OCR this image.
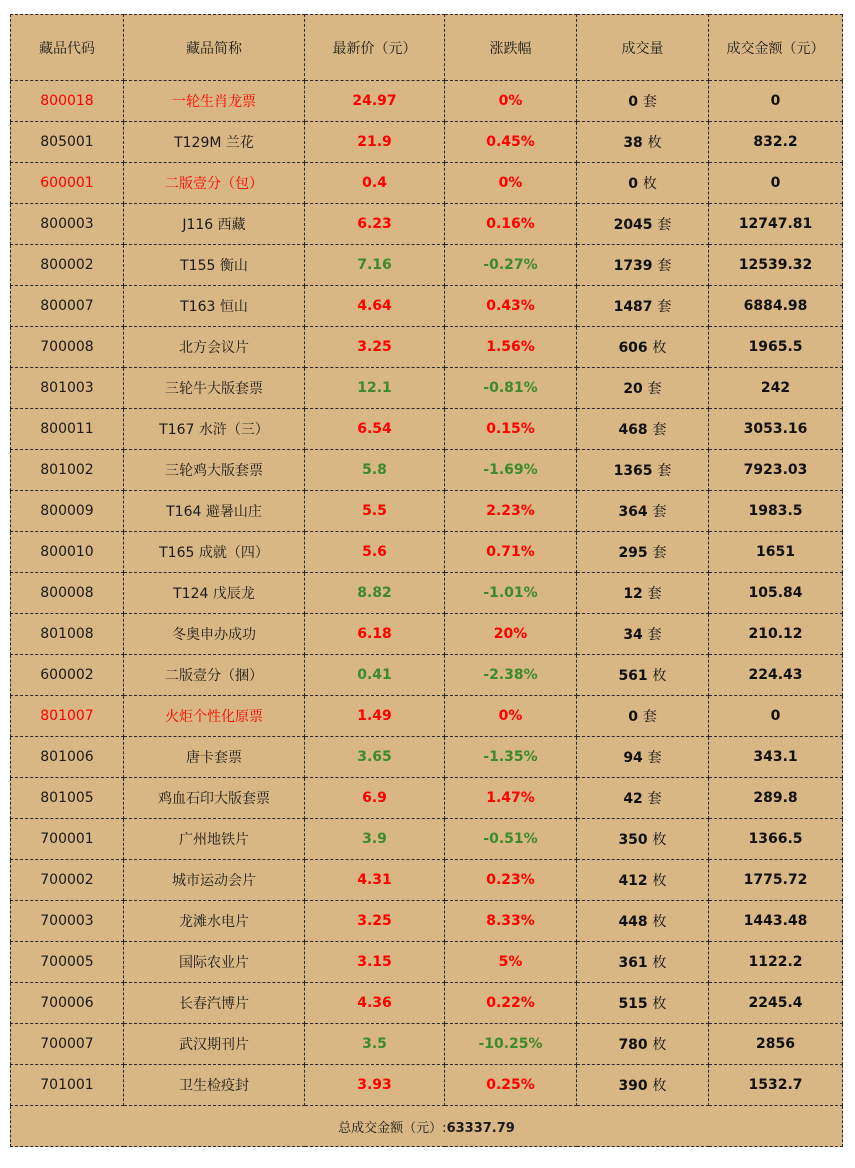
藏品代码	藏品简称	最新价（元）	涨跌幅	成交量	成交金额（元）
800018	一轮生肖龙票	24.97	0%	0 套	0
805001	T129M 兰花	21.9	0.45%	38 枚	832.2
600001	二版壹分（包）	0.4	0%	0 枚	0
800003	J116 西藏	6.23	0.16%	2045 套	12747.81
800002	T155 衡山	7.16	-0.27%	1739 套	12539.32
800007	T163 恒山	4.64	0.43%	1487 套	6884.98
700008	北方会议片	3.25	1.56%	606 枚	1965.5
801003	三轮牛大版套票	12.1	-0.81%	20 套	242
800011	T167 水浒（三）	6.54	0.15%	468 套	3053.16
801002	三轮鸡大版套票	5.8	-1.69%	1365 套	7923.03
800009	T164 避暑山庄	5.5	2.23%	364 套	1983.5
800010	T165 成就（四）	5.6	0.71%	295 套	1651
800008	T124 戊辰龙	8.82	-1.01%	12 套	105.84
801008	冬奥申办成功	6.18	20%	34 套	210.12
600002	二版壹分（捆）	0.41	-2.38%	561 枚	224.43
801007	火炬个性化原票	1.49	0%	0 套	0
801006	唐卡套票	3.65	-1.35%	94 套	343.1
801005	鸡血石印大版套票	6.9	1.47%	42 套	289.8
700001	广州地铁片	3.9	-0.51%	350 枚	1366.5
700002	城市运动会片	4.31	0.23%	412 枚	1775.72
700003	龙滩水电片	3.25	8.33%	448 枚	1443.48
700005	国际农业片	3.15	5%	361 枚	1122.2
700006	长春汽博片	4.36	0.22%	515 枚	2245.4
700007	武汉期刊片	3.5	-10.25%	780 枚	2856
701001	卫生检疫封	3.93	0.25%	390 枚	1532.7
总成交金额（元）:63337.79					
